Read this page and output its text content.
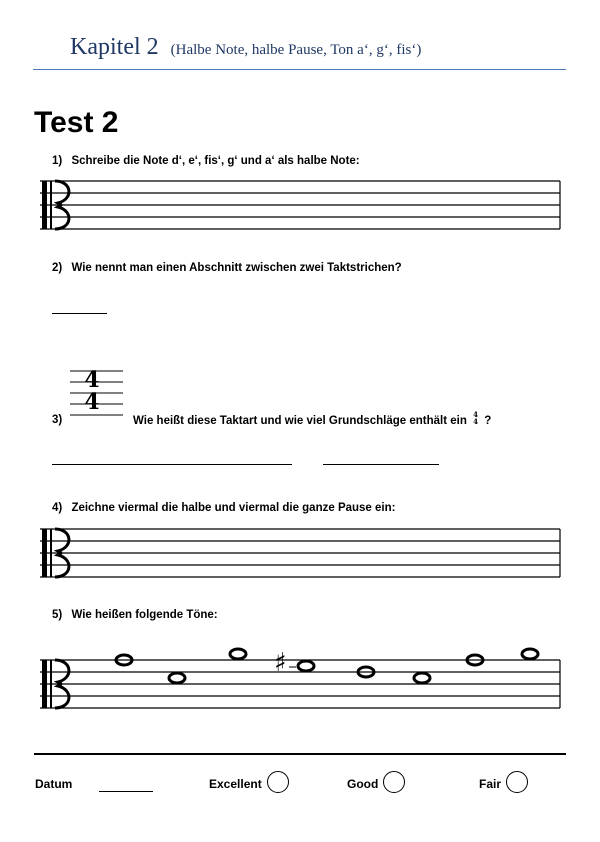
Kapitel 2 (Halbe Note, halbe Pause, Ton a‘, g‘, fis‘)
Test 2
1) Schreibe die Note d‘, e‘, fis‘, g‘ und a‘ als halbe Note:
2) Wie nennt man einen Abschnitt zwischen zwei Taktstrichen?
4
4
3)	Wie heißt diese Taktart und wie viel Grundschläge enthält ein
4
4 ?
4) Zeichne viermal die halbe und viermal die ganze Pause ein:
5) Wie heißen folgende Töne:
♯
Datum	Excellent	Good	Fair
